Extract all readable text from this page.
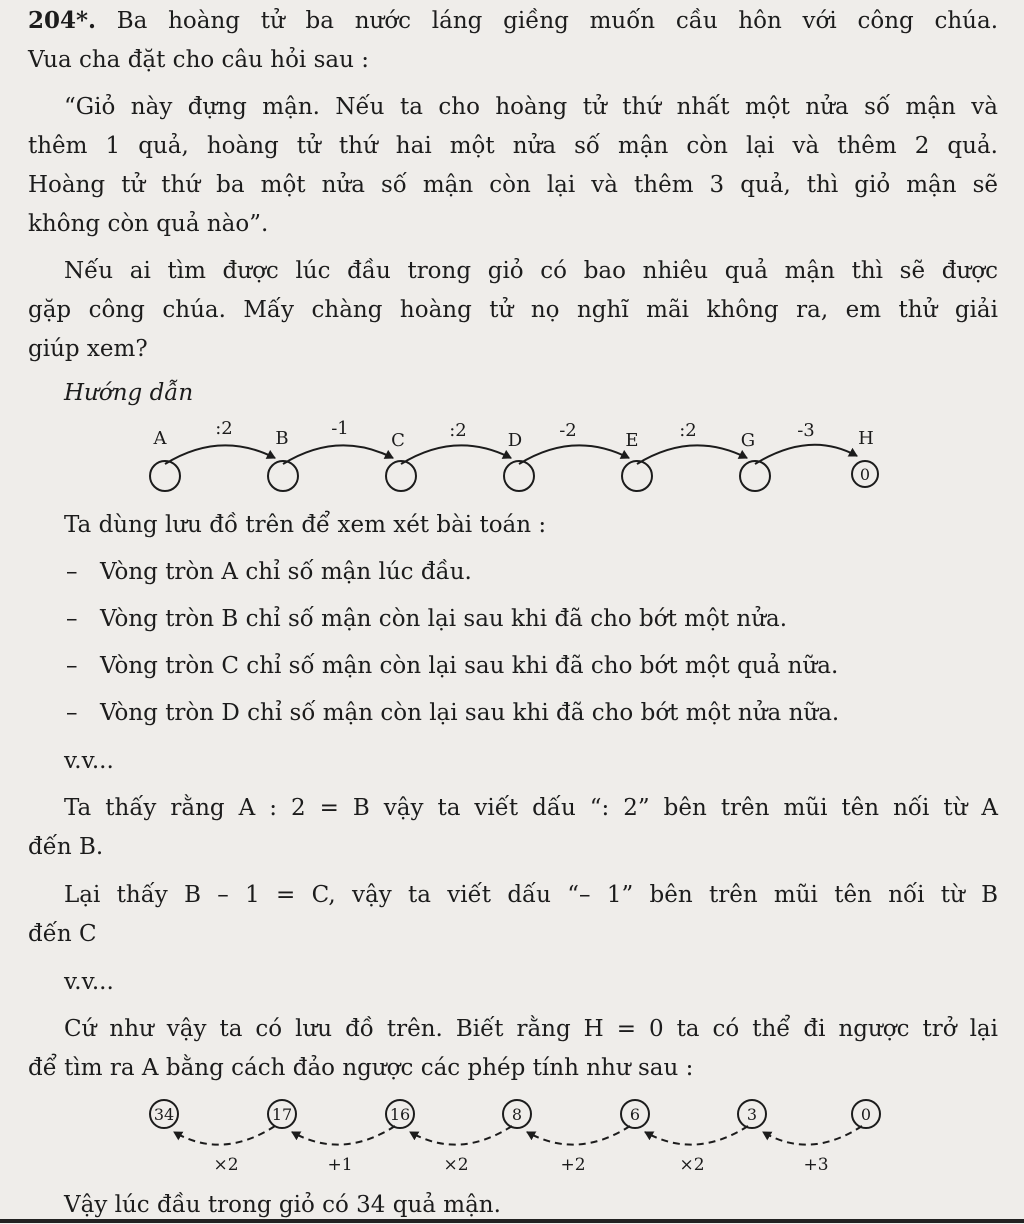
204*. Ba hoàng tử ba nước láng giềng muốn cầu hôn với công chúa.

Vua cha đặt cho câu hỏi sau :

“Giỏ này đựng mận. Nếu ta cho hoàng tử thứ nhất một nửa số mận và

thêm 1 quả, hoàng tử thứ hai một nửa số mận còn lại và thêm 2 quả.

Hoàng tử thứ ba một nửa số mận còn lại và thêm 3 quả, thì giỏ mận sẽ

không còn quả nào”.

Nếu ai tìm được lúc đầu trong giỏ có bao nhiêu quả mận thì sẽ được

gặp công chúa. Mấy chàng hoàng tử nọ nghĩ mãi không ra, em thử giải

giúp xem?

Hướng dẫn

A	B	C	D	E	G	H
:2	-1	:2	-2	:2	-3
0

Ta dùng lưu đồ trên để xem xét bài toán :

– Vòng tròn A chỉ số mận lúc đầu.

– Vòng tròn B chỉ số mận còn lại sau khi đã cho bớt một nửa.

– Vòng tròn C chỉ số mận còn lại sau khi đã cho bớt một quả nữa.

– Vòng tròn D chỉ số mận còn lại sau khi đã cho bớt một nửa nữa.

v.v...

Ta thấy rằng A : 2 = B vậy ta viết dấu “: 2” bên trên mũi tên nối từ A

đến B.

Lại thấy B – 1 = C, vậy ta viết dấu “– 1” bên trên mũi tên nối từ B

đến C

v.v...

Cứ như vậy ta có lưu đồ trên. Biết rằng H = 0 ta có thể đi ngược trở lại

để tìm ra A bằng cách đảo ngược các phép tính như sau :

34	17	16	8	6	3	0
×2	+1	×2	+2	×2	+3

Vậy lúc đầu trong giỏ có 34 quả mận.
